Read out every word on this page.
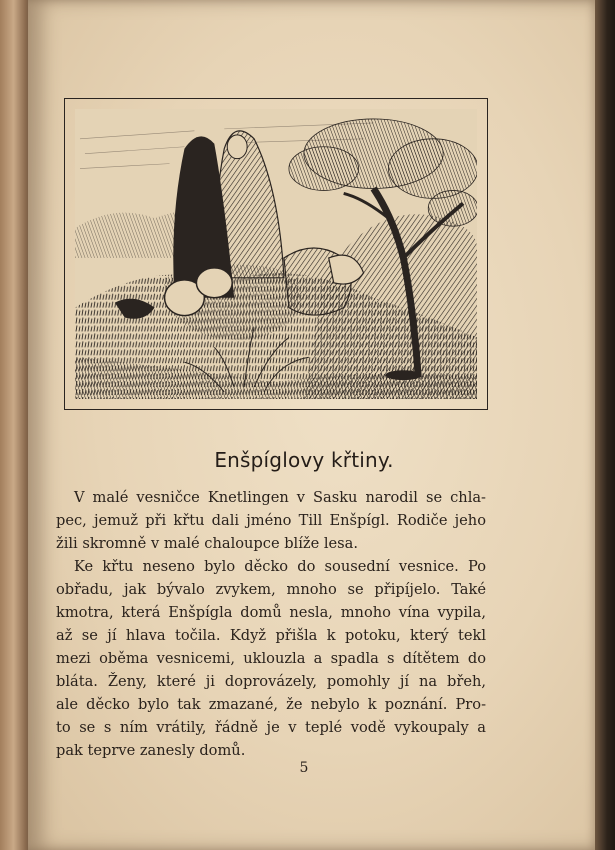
Enšpíglovy křtiny.
V malé vesničce Knetlingen v Sasku narodil se chla-
pec, jemuž při křtu dali jméno Till Enšpígl. Rodiče jeho
žili skromně v malé chaloupce blíže lesa.
Ke křtu neseno bylo děcko do sousední vesnice. Po
obřadu, jak bývalo zvykem, mnoho se připíjelo. Také
kmotra, která Enšpígla domů nesla, mnoho vína vypila,
až se jí hlava točila. Když přišla k potoku, který tekl
mezi oběma vesnicemi, uklouzla a spadla s dítětem do
bláta. Ženy, které ji doprovázely, pomohly jí na břeh,
ale děcko bylo tak zmazané, že nebylo k poznání. Pro-
to se s ním vrátily, řádně je v teplé vodě vykoupaly a
pak teprve zanesly domů.
5
